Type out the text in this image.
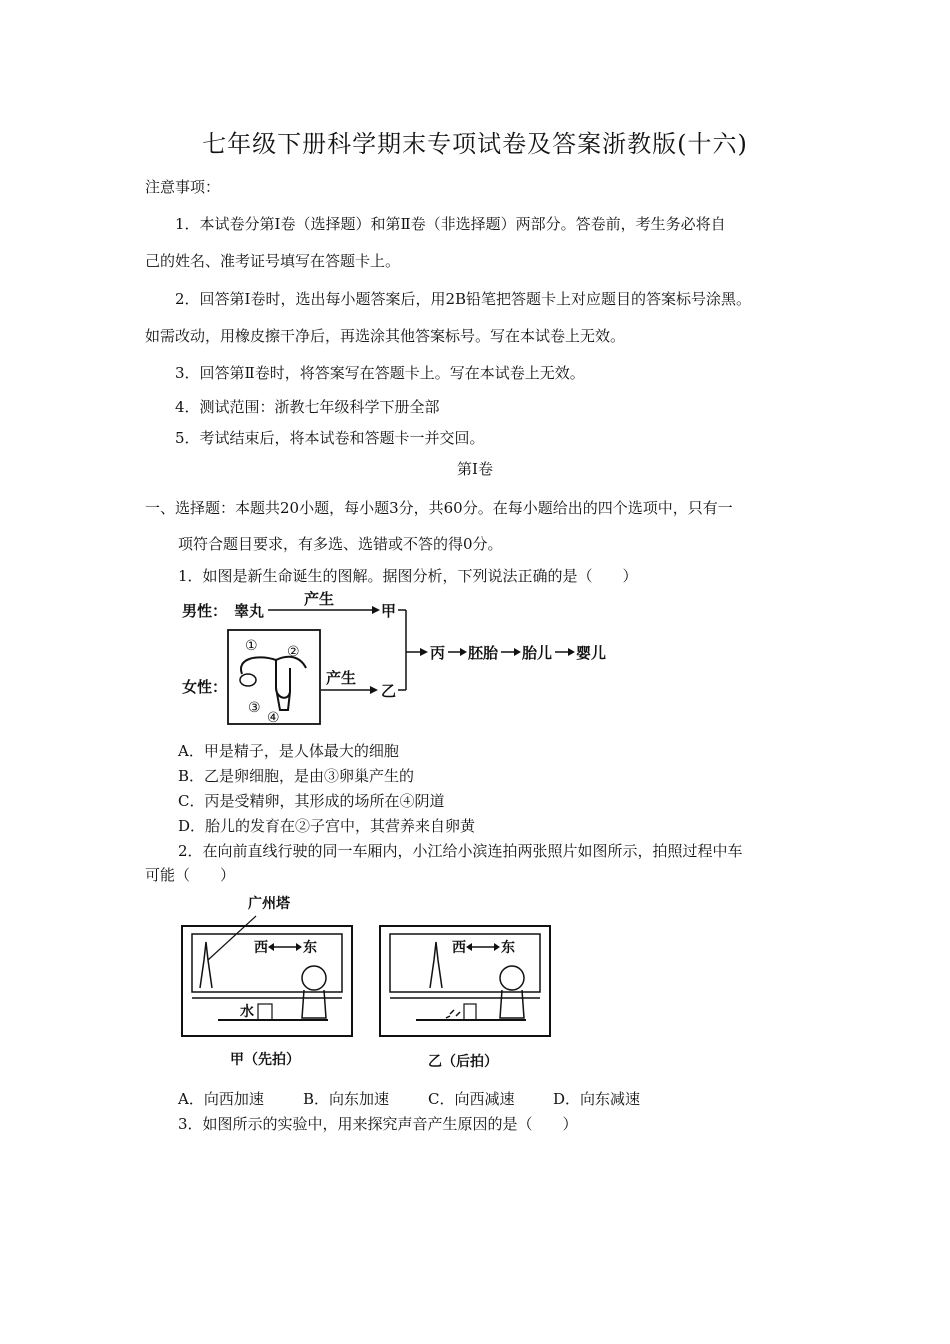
七年级下册科学期末专项试卷及答案浙教版(十六)
注意事项：
1．本试卷分第Ⅰ卷（选择题）和第Ⅱ卷（非选择题）两部分。答卷前，考生务必将自
己的姓名、准考证号填写在答题卡上。
2．回答第Ⅰ卷时，选出每小题答案后，用2B铅笔把答题卡上对应题目的答案标号涂黑。
如需改动，用橡皮擦干净后，再选涂其他答案标号。写在本试卷上无效。
3．回答第Ⅱ卷时，将答案写在答题卡上。写在本试卷上无效。
4．测试范围：浙教七年级科学下册全部
5．考试结束后，将本试卷和答题卡一并交回。
第Ⅰ卷
一、选择题：本题共20小题，每小题3分，共60分。在每小题给出的四个选项中，只有一
项符合题目要求，有多选、选错或不答的得0分。
1．如图是新生命诞生的图解。据图分析，下列说法正确的是（　　）
男性： 睾丸
产生
甲
女性：
① ②
③
④
产生
乙
丙 胚胎 胎儿 婴儿
A．甲是精子，是人体最大的细胞
B．乙是卵细胞，是由③卵巢产生的
C．丙是受精卵，其形成的场所在④阴道
D．胎儿的发育在②子宫中，其营养来自卵黄
2．在向前直线行驶的同一车厢内，小江给小滨连拍两张照片如图所示，拍照过程中车
可能（　　）
广州塔
西	东
水
甲（先拍）
西	东
乙（后拍）
A．向西加速	B．向东加速	C．向西减速	D．向东减速
3．如图所示的实验中，用来探究声音产生原因的是（　　）
